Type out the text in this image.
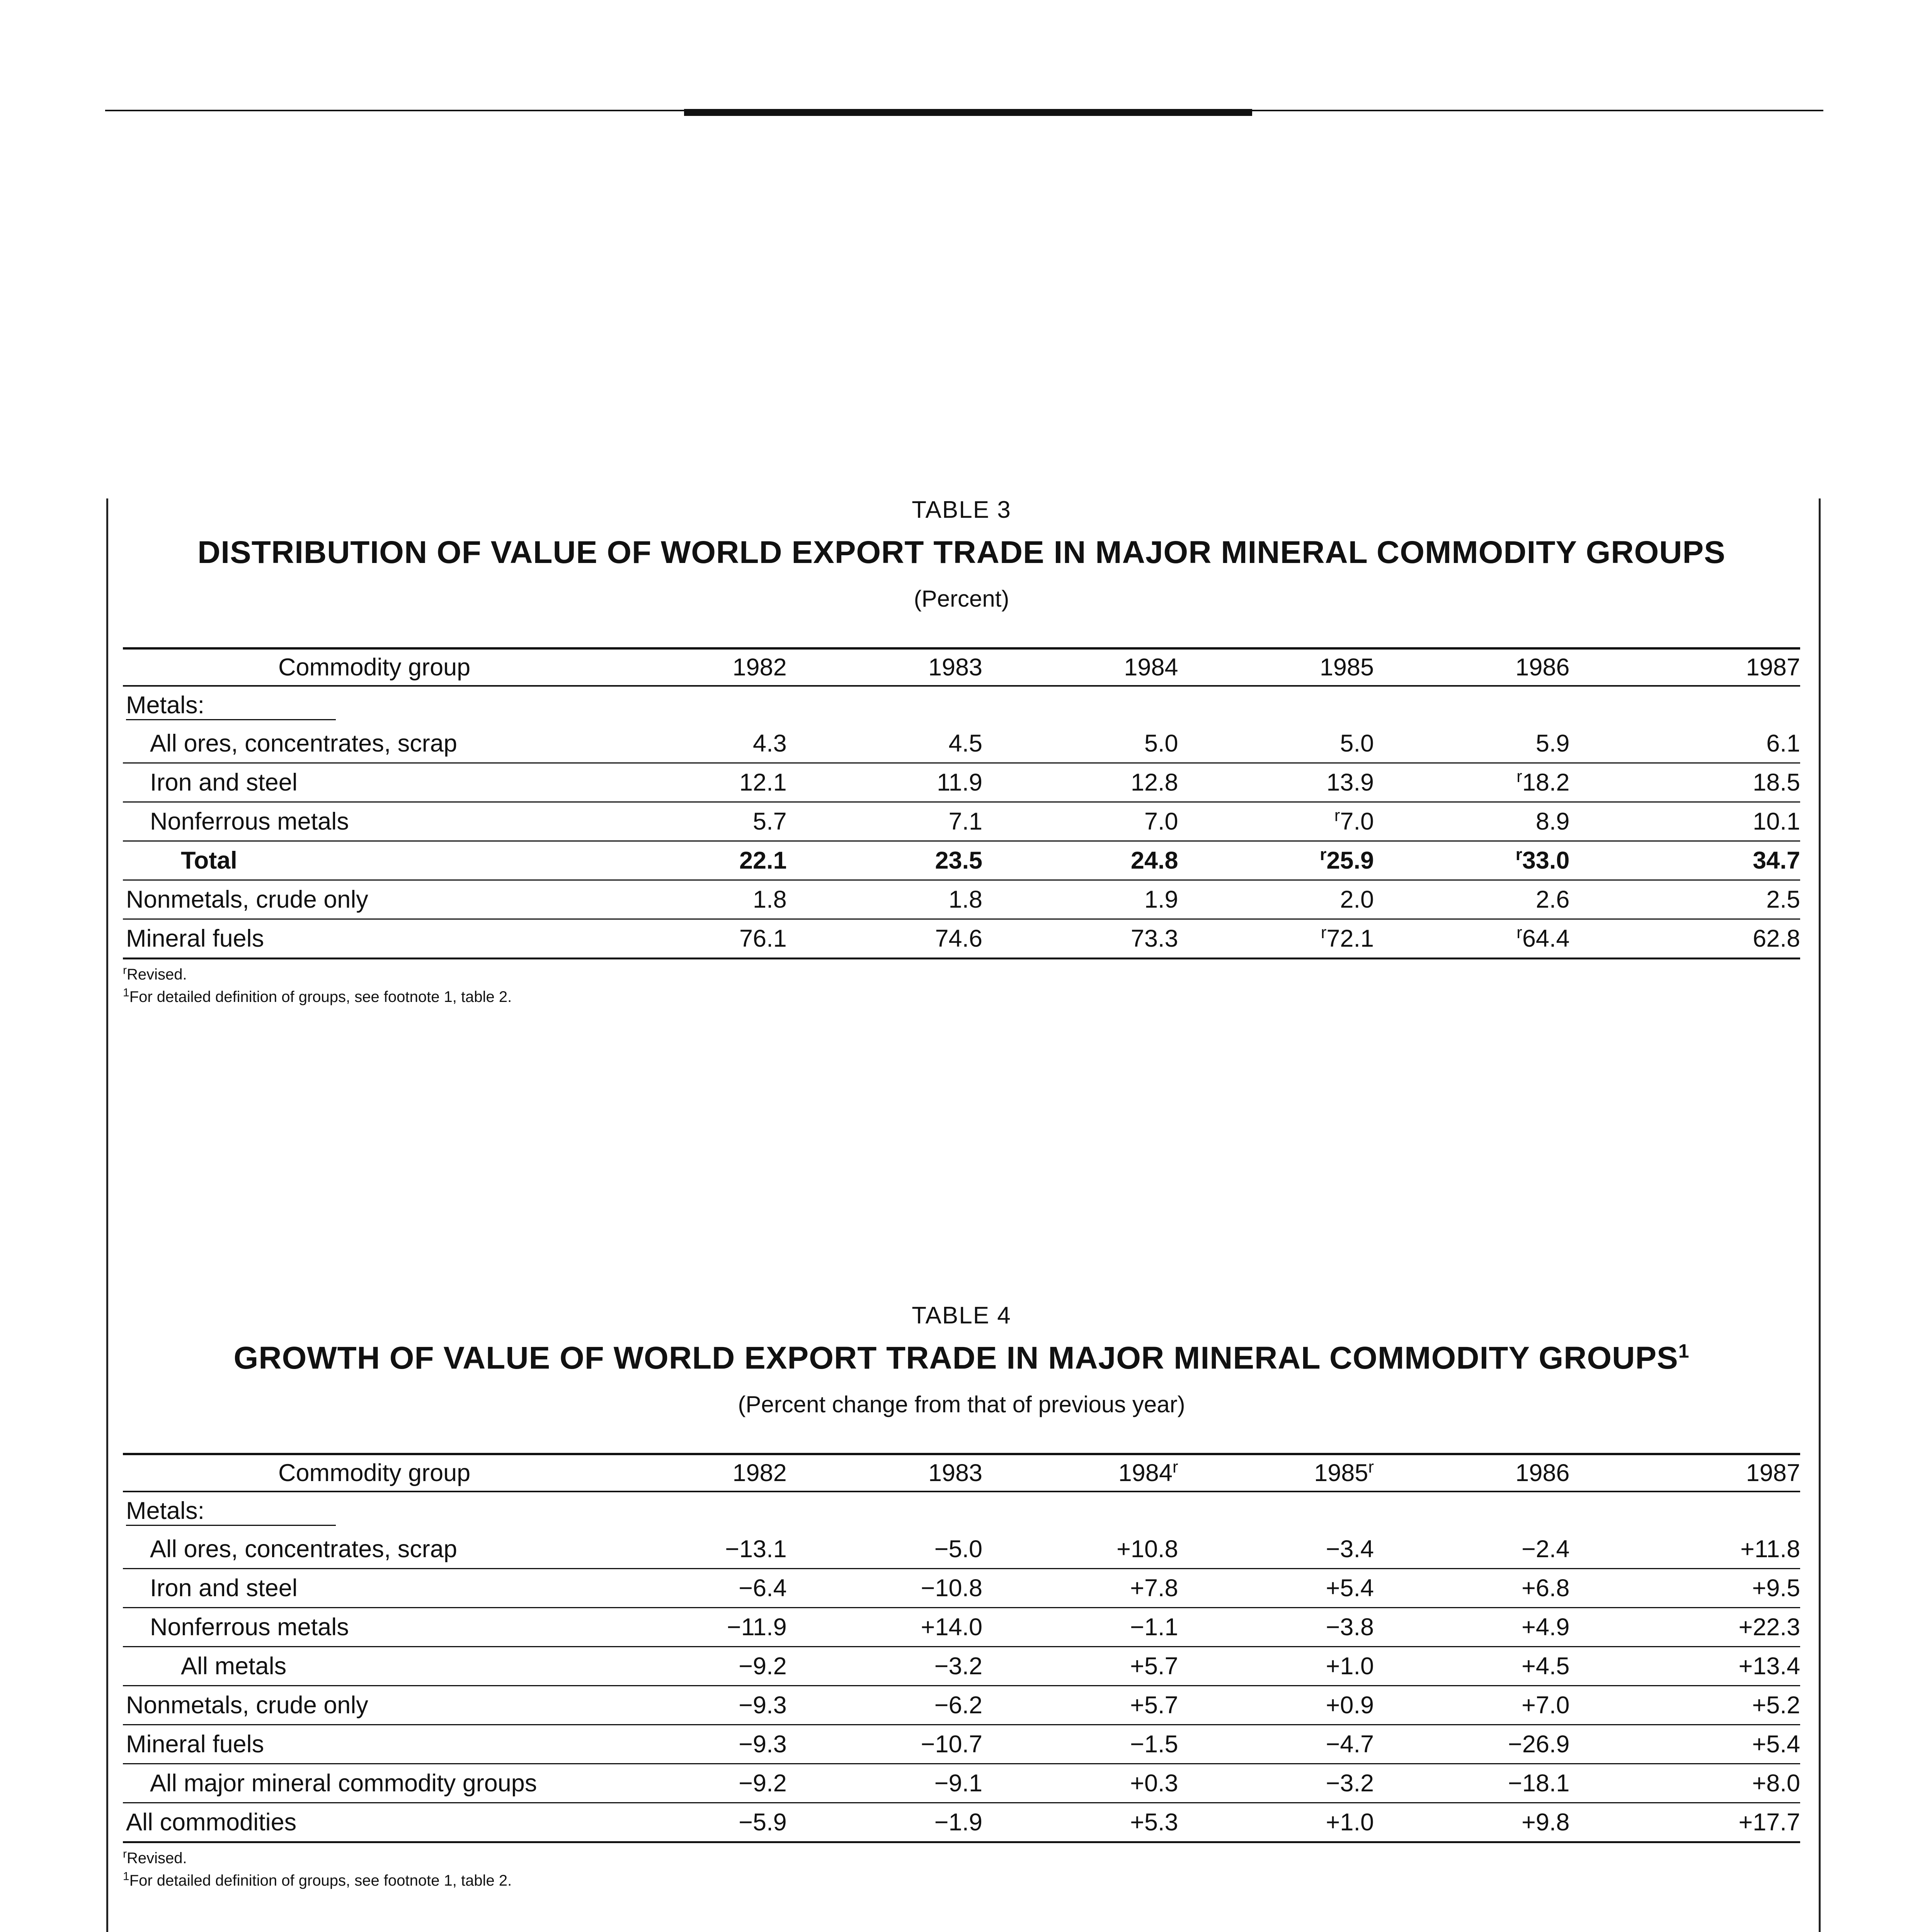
TABLE 3

DISTRIBUTION OF VALUE OF WORLD EXPORT TRADE IN MAJOR MINERAL COMMODITY GROUPS

(Percent)

Commodity group	1982	1983	1984	1985	1986	1987
Metals:						
All ores, concentrates, scrap	4.3	4.5	5.0	5.0	5.9	6.1
Iron and steel	12.1	11.9	12.8	13.9	$^r$18.2	18.5
Nonferrous metals	5.7	7.1	7.0	$^r$7.0	8.9	10.1
Total	22.1	23.5	24.8	$^r$25.9	$^r$33.0	34.7
Nonmetals, crude only	1.8	1.8	1.9	2.0	2.6	2.5
Mineral fuels	76.1	74.6	73.3	$^r$72.1	$^r$64.4	62.8
$^r$Revised.
$^1$For detailed definition of groups, see footnote 1, table 2.

TABLE 4

GROWTH OF VALUE OF WORLD EXPORT TRADE IN MAJOR MINERAL COMMODITY GROUPS$^1$

(Percent change from that of previous year)

Commodity group	1982	1983	1984$^r$	1985$^r$	1986	1987
Metals:						
All ores, concentrates, scrap	−13.1	−5.0	+10.8	−3.4	−2.4	+11.8
Iron and steel	−6.4	−10.8	+7.8	+5.4	+6.8	+9.5
Nonferrous metals	−11.9	+14.0	−1.1	−3.8	+4.9	+22.3
All metals	−9.2	−3.2	+5.7	+1.0	+4.5	+13.4
Nonmetals, crude only	−9.3	−6.2	+5.7	+0.9	+7.0	+5.2
Mineral fuels	−9.3	−10.7	−1.5	−4.7	−26.9	+5.4
All major mineral commodity groups	−9.2	−9.1	+0.3	−3.2	−18.1	+8.0
All commodities	−5.9	−1.9	+5.3	+1.0	+9.8	+17.7
$^r$Revised.
$^1$For detailed definition of groups, see footnote 1, table 2.
